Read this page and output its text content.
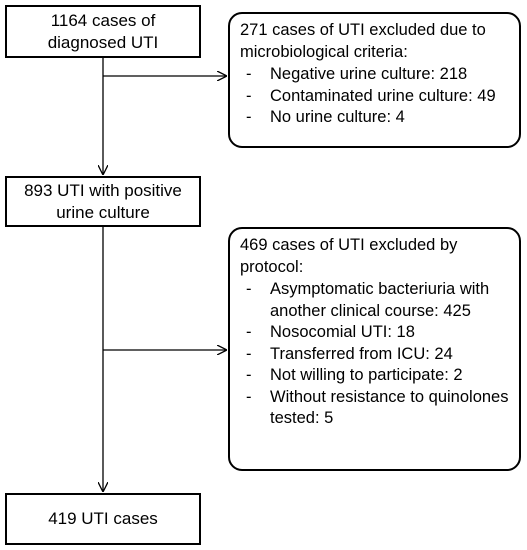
1164 cases of
diagnosed UTI
893 UTI with positive
urine culture
419 UTI cases
271 cases of UTI excluded due to microbiological criteria:
- Negative urine culture: 218
- Contaminated urine culture: 49
- No urine culture: 4
469 cases of UTI excluded by protocol:
- Asymptomatic bacteriuria with another clinical course: 425
- Nosocomial UTI: 18
- Transferred from ICU: 24
- Not willing to participate: 2
- Without resistance to quinolones tested: 5
